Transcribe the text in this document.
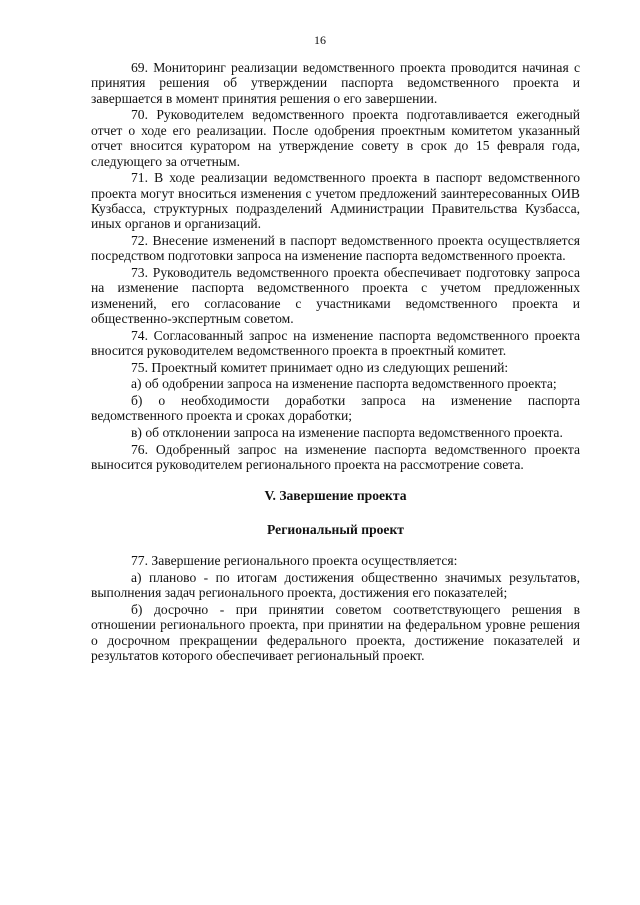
16

69. Мониторинг реализации ведомственного проекта проводится начиная с принятия решения об утверждении паспорта ведомственного проекта и завершается в момент принятия решения о его завершении.

70. Руководителем ведомственного проекта подготавливается ежегодный отчет о ходе его реализации. После одобрения проектным комитетом указанный отчет вносится куратором на утверждение совету в срок до 15 февраля года, следующего за отчетным.

71. В ходе реализации ведомственного проекта в паспорт ведомственного проекта могут вноситься изменения с учетом предложений заинтересованных ОИВ Кузбасса, структурных подразделений Администрации Правительства Кузбасса, иных органов и организаций.

72. Внесение изменений в паспорт ведомственного проекта осуществляется посредством подготовки запроса на изменение паспорта ведомственного проекта.

73. Руководитель ведомственного проекта обеспечивает подготовку запроса на изменение паспорта ведомственного проекта с учетом предложенных изменений, его согласование с участниками ведомственного проекта и общественно-экспертным советом.

74. Согласованный запрос на изменение паспорта ведомственного проекта вносится руководителем ведомственного проекта в проектный комитет.

75. Проектный комитет принимает одно из следующих решений:

а) об одобрении запроса на изменение паспорта ведомственного проекта;

б) о необходимости доработки запроса на изменение паспорта ведомственного проекта и сроках доработки;

в) об отклонении запроса на изменение паспорта ведомственного проекта.

76. Одобренный запрос на изменение паспорта ведомственного проекта выносится руководителем регионального проекта на рассмотрение совета.

V. Завершение проекта

Региональный проект

77. Завершение регионального проекта осуществляется:

а) планово - по итогам достижения общественно значимых результатов, выполнения задач регионального проекта, достижения его показателей;

б) досрочно - при принятии советом соответствующего решения в отношении регионального проекта, при принятии на федеральном уровне решения о досрочном прекращении федерального проекта, достижение показателей и результатов которого обеспечивает региональный проект.
